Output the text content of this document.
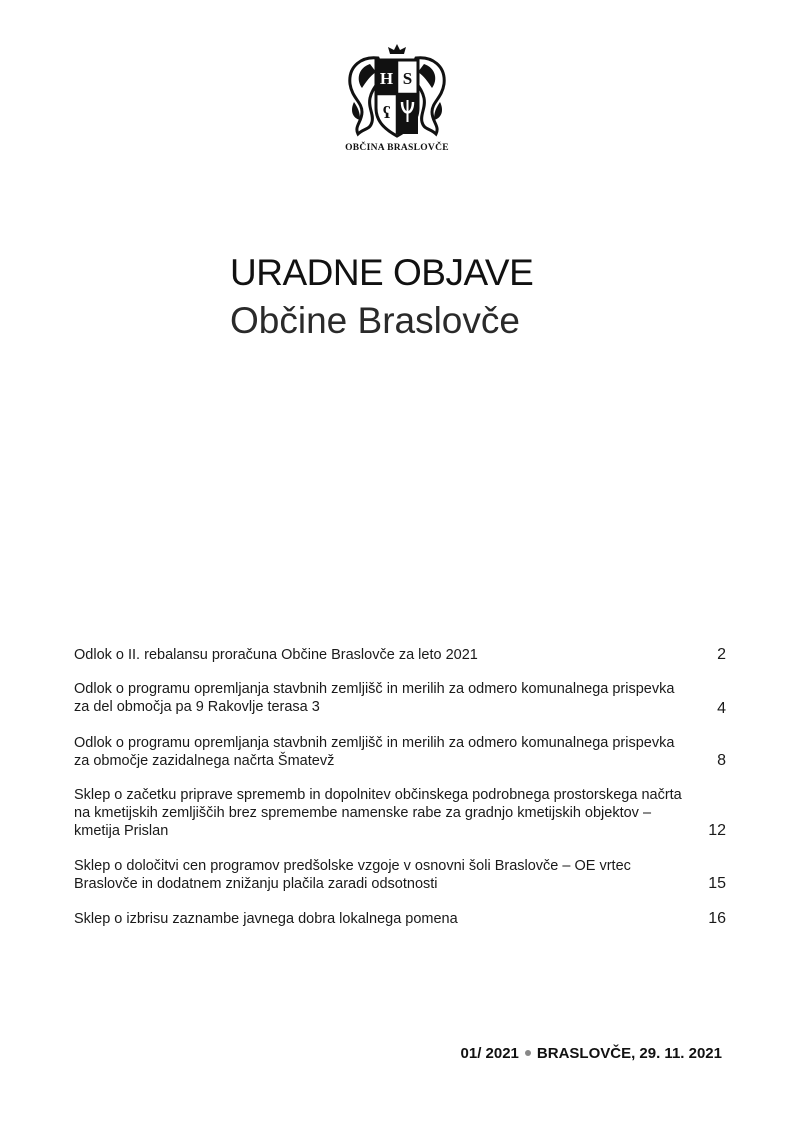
H S
ʕ
OBČINA BRASLOVČE
URADNE OBJAVE
Občine Braslovče
Odlok o II. rebalansu proračuna Občine Braslovče za leto 2021	2
Odlok o programu opremljanja stavbnih zemljišč in merilih za odmero komunalnega prispevka za del območja pa 9 Rakovlje terasa 3	4
Odlok o programu opremljanja stavbnih zemljišč in merilih za odmero komunalnega prispevka za območje zazidalnega načrta Šmatevž	8
Sklep o začetku priprave sprememb in dopolnitev občinskega podrobnega prostorskega načrta na kmetijskih zemljiščih brez spremembe namenske rabe za gradnjo kmetijskih objektov – kmetija Prislan	12
Sklep o določitvi cen programov predšolske vzgoje v osnovni šoli Braslovče – OE vrtec Braslovče in dodatnem znižanju plačila zaradi odsotnosti	15
Sklep o izbrisu zaznambe javnega dobra lokalnega pomena	16
01/ 2021 BRASLOVČE, 29. 11. 2021
